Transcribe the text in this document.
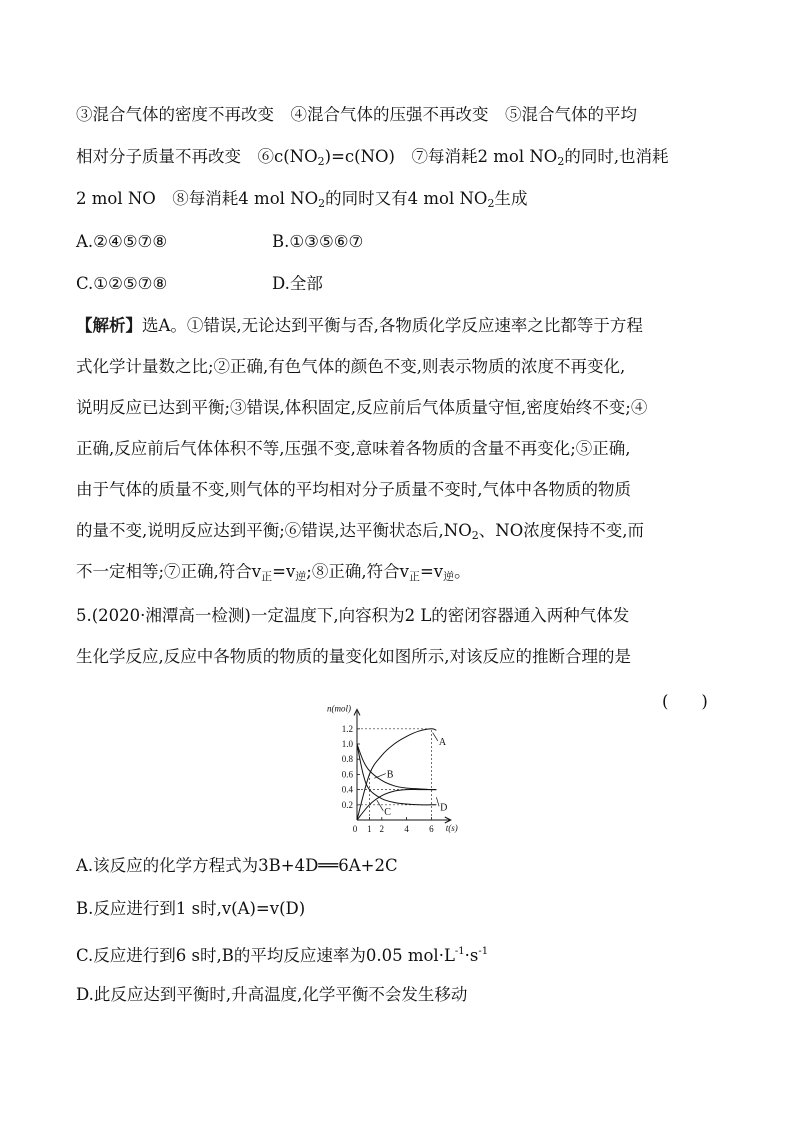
③混合气体的密度不再改变　④混合气体的压强不再改变　⑤混合气体的平均
相对分子质量不再改变　$⑥c(NO_2)=c(NO)$　⑦每消耗2 mol $NO_2$的同时,也消耗
2 mol NO　⑧每消耗4 mol $NO_2$的同时又有4 mol $NO_2$生成
A.②④⑤⑦⑧	B.①③⑤⑥⑦
C.①②⑤⑦⑧	D.全部
【解析】选A。①错误,无论达到平衡与否,各物质化学反应速率之比都等于方程
式化学计量数之比;②正确,有色气体的颜色不变,则表示物质的浓度不再变化,
说明反应已达到平衡;③错误,体积固定,反应前后气体质量守恒,密度始终不变;④
正确,反应前后气体体积不等,压强不变,意味着各物质的含量不再变化;⑤正确,
由于气体的质量不变,则气体的平均相对分子质量不变时,气体中各物质的物质
的量不变,说明反应达到平衡;⑥错误,达平衡状态后$,NO_2$、NO浓度保持不变,而
不一定相等;⑦正确,符合$v_正=v_逆;⑧$正确,符合$v_正=v_逆$。
5.(2020·湘潭高一检测)一定温度下,向容积为2 L的密闭容器通入两种气体发
生化学反应,反应中各物质的物质的量变化如图所示,对该反应的推断合理的是
(　　)
n(mol)
t(s)
0.2
0.4
0.6
0.8
1.0
1.2
0 1 2 4 6
A
B
C	D
A.该反应的化学方程式为3B+4D══6A+2C
B.反应进行到1 s时,v(A)=v(D)
C.反应进行到6 s时,B的平均反应速率为0.05 $mol\cdot L^{-1}\cdot s^{-1}$
D.此反应达到平衡时,升高温度,化学平衡不会发生移动
